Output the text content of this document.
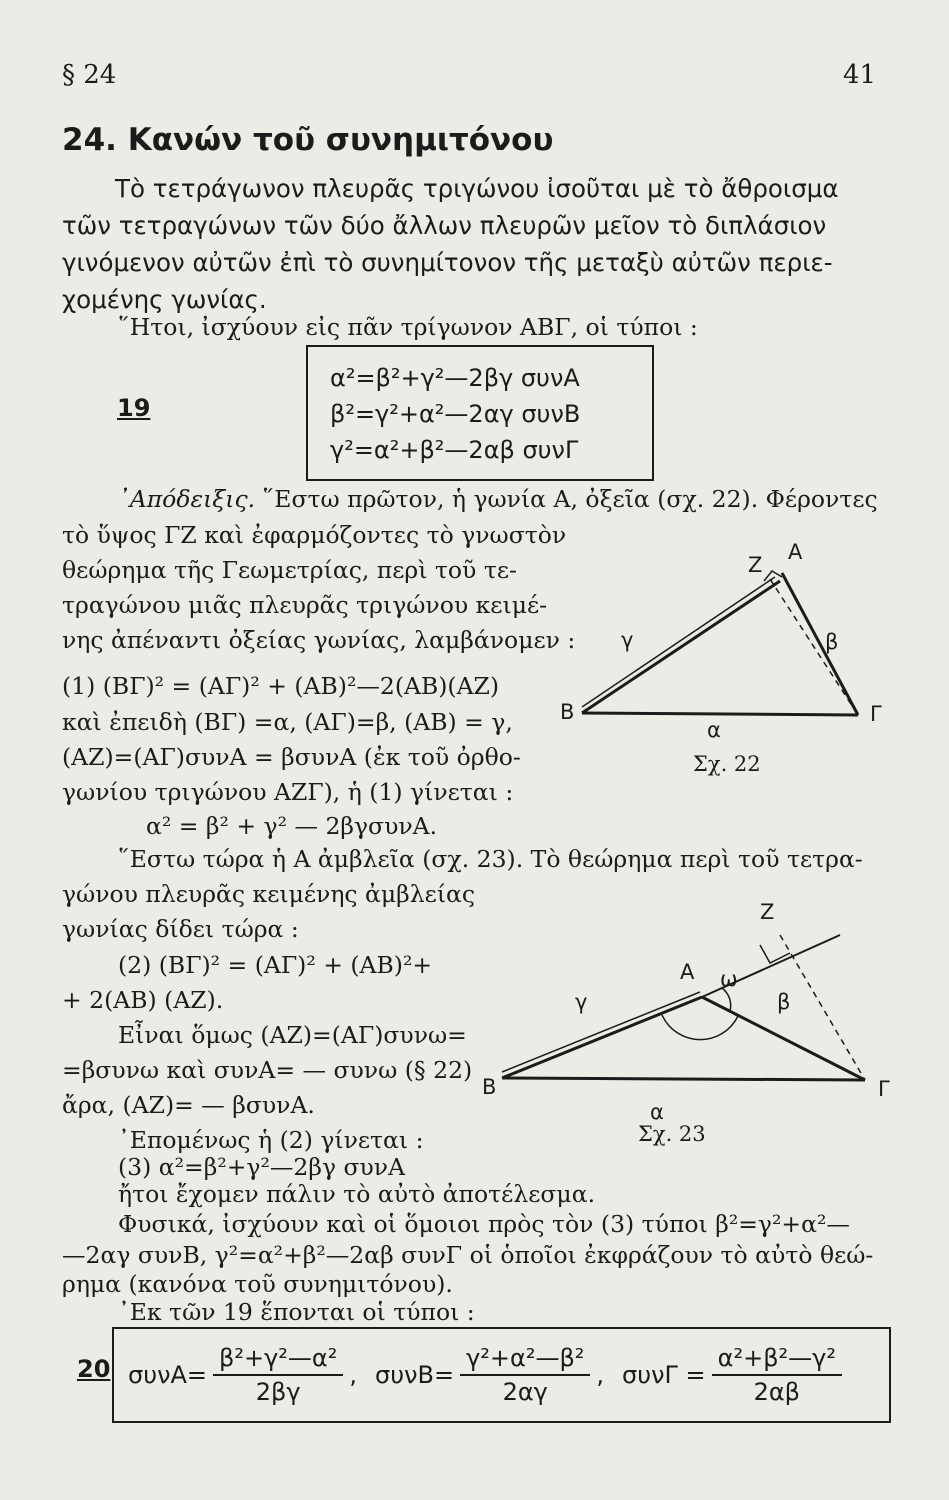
§ 24	41
24. Κανών τοῦ συνημιτόνου
Τὸ τετράγωνον πλευρᾶς τριγώνου ἰσοῦται μὲ τὸ ἄθροισμα
τῶν τετραγώνων τῶν δύο ἄλλων πλευρῶν μεῖον τὸ διπλάσιον
γινόμενον αὐτῶν ἐπὶ τὸ συνημίτονον τῆς μεταξὺ αὐτῶν περιε-
χομένης γωνίας.
῞Ητοι, ἰσχύουν εἰς πᾶν τρίγωνον ΑΒΓ, οἱ τύποι :
19
α²=β²+γ²—2βγ συνΑ
β²=γ²+α²—2αγ συνΒ
γ²=α²+β²—2αβ συνΓ
᾿Απόδειξις. ῞Εστω πρῶτον, ἡ γωνία Α, ὀξεῖα (σχ. 22). Φέροντες
τὸ ὕψος ΓΖ καὶ ἐφαρμόζοντες τὸ γνωστὸν
θεώρημα τῆς Γεωμετρίας, περὶ τοῦ τε-
τραγώνου μιᾶς πλευρᾶς τριγώνου κειμέ-
νης ἀπέναντι ὀξείας γωνίας, λαμβάνομεν :
(1) (ΒΓ)² = (ΑΓ)² + (ΑΒ)²—2(ΑΒ)(ΑΖ)
καὶ ἐπειδὴ (ΒΓ) =α, (ΑΓ)=β, (ΑΒ) = γ,
(ΑΖ)=(ΑΓ)συνΑ = βσυνΑ (ἐκ τοῦ ὀρθο-
γωνίου τριγώνου ΑΖΓ), ἡ (1) γίνεται :
α² = β² + γ² — 2βγσυνΑ.
῞Εστω τώρα ἡ Α ἀμβλεῖα (σχ. 23). Τὸ θεώρημα περὶ τοῦ τετρα-
γώνου πλευρᾶς κειμένης ἀμβλείας
γωνίας δίδει τώρα :
(2) (ΒΓ)² = (ΑΓ)² + (ΑΒ)²+
+ 2(ΑΒ) (ΑΖ).
Εἶναι ὅμως (ΑΖ)=(ΑΓ)συνω=
=βσυνω καὶ συνΑ= — συνω (§ 22)
ἄρα, (ΑΖ)= — βσυνΑ.
᾿Επομένως ἡ (2) γίνεται :
(3) α²=β²+γ²—2βγ συνΑ
ἤτοι ἔχομεν πάλιν τὸ αὐτὸ ἀποτέλεσμα.
Φυσικά, ἰσχύουν καὶ οἱ ὅμοιοι πρὸς τὸν (3) τύποι β²=γ²+α²—
—2αγ συνΒ, γ²=α²+β²—2αβ συνΓ οἱ ὁποῖοι ἐκφράζουν τὸ αὐτὸ θεώ-
ρημα (κανόνα τοῦ συνημιτόνου).
᾿Εκ τῶν 19 ἕπονται οἱ τύποι :
Z
A
γ	β
B	Γ
α
Σχ. 22
Z
A ω
γ	β
B	Γ
α
Σχ. 23
20 $\sigma\upsilon\nu A= \frac{\text{β²+γ²—α²}}{2\beta\gamma}$ , $\sigma\upsilon\nu B= \frac{\text{γ²+α²—β²}}{2\alpha\gamma}$ , $\sigma\upsilon\nu\Gamma = \frac{\text{α²+β²—γ²}}{2\alpha\beta}$
